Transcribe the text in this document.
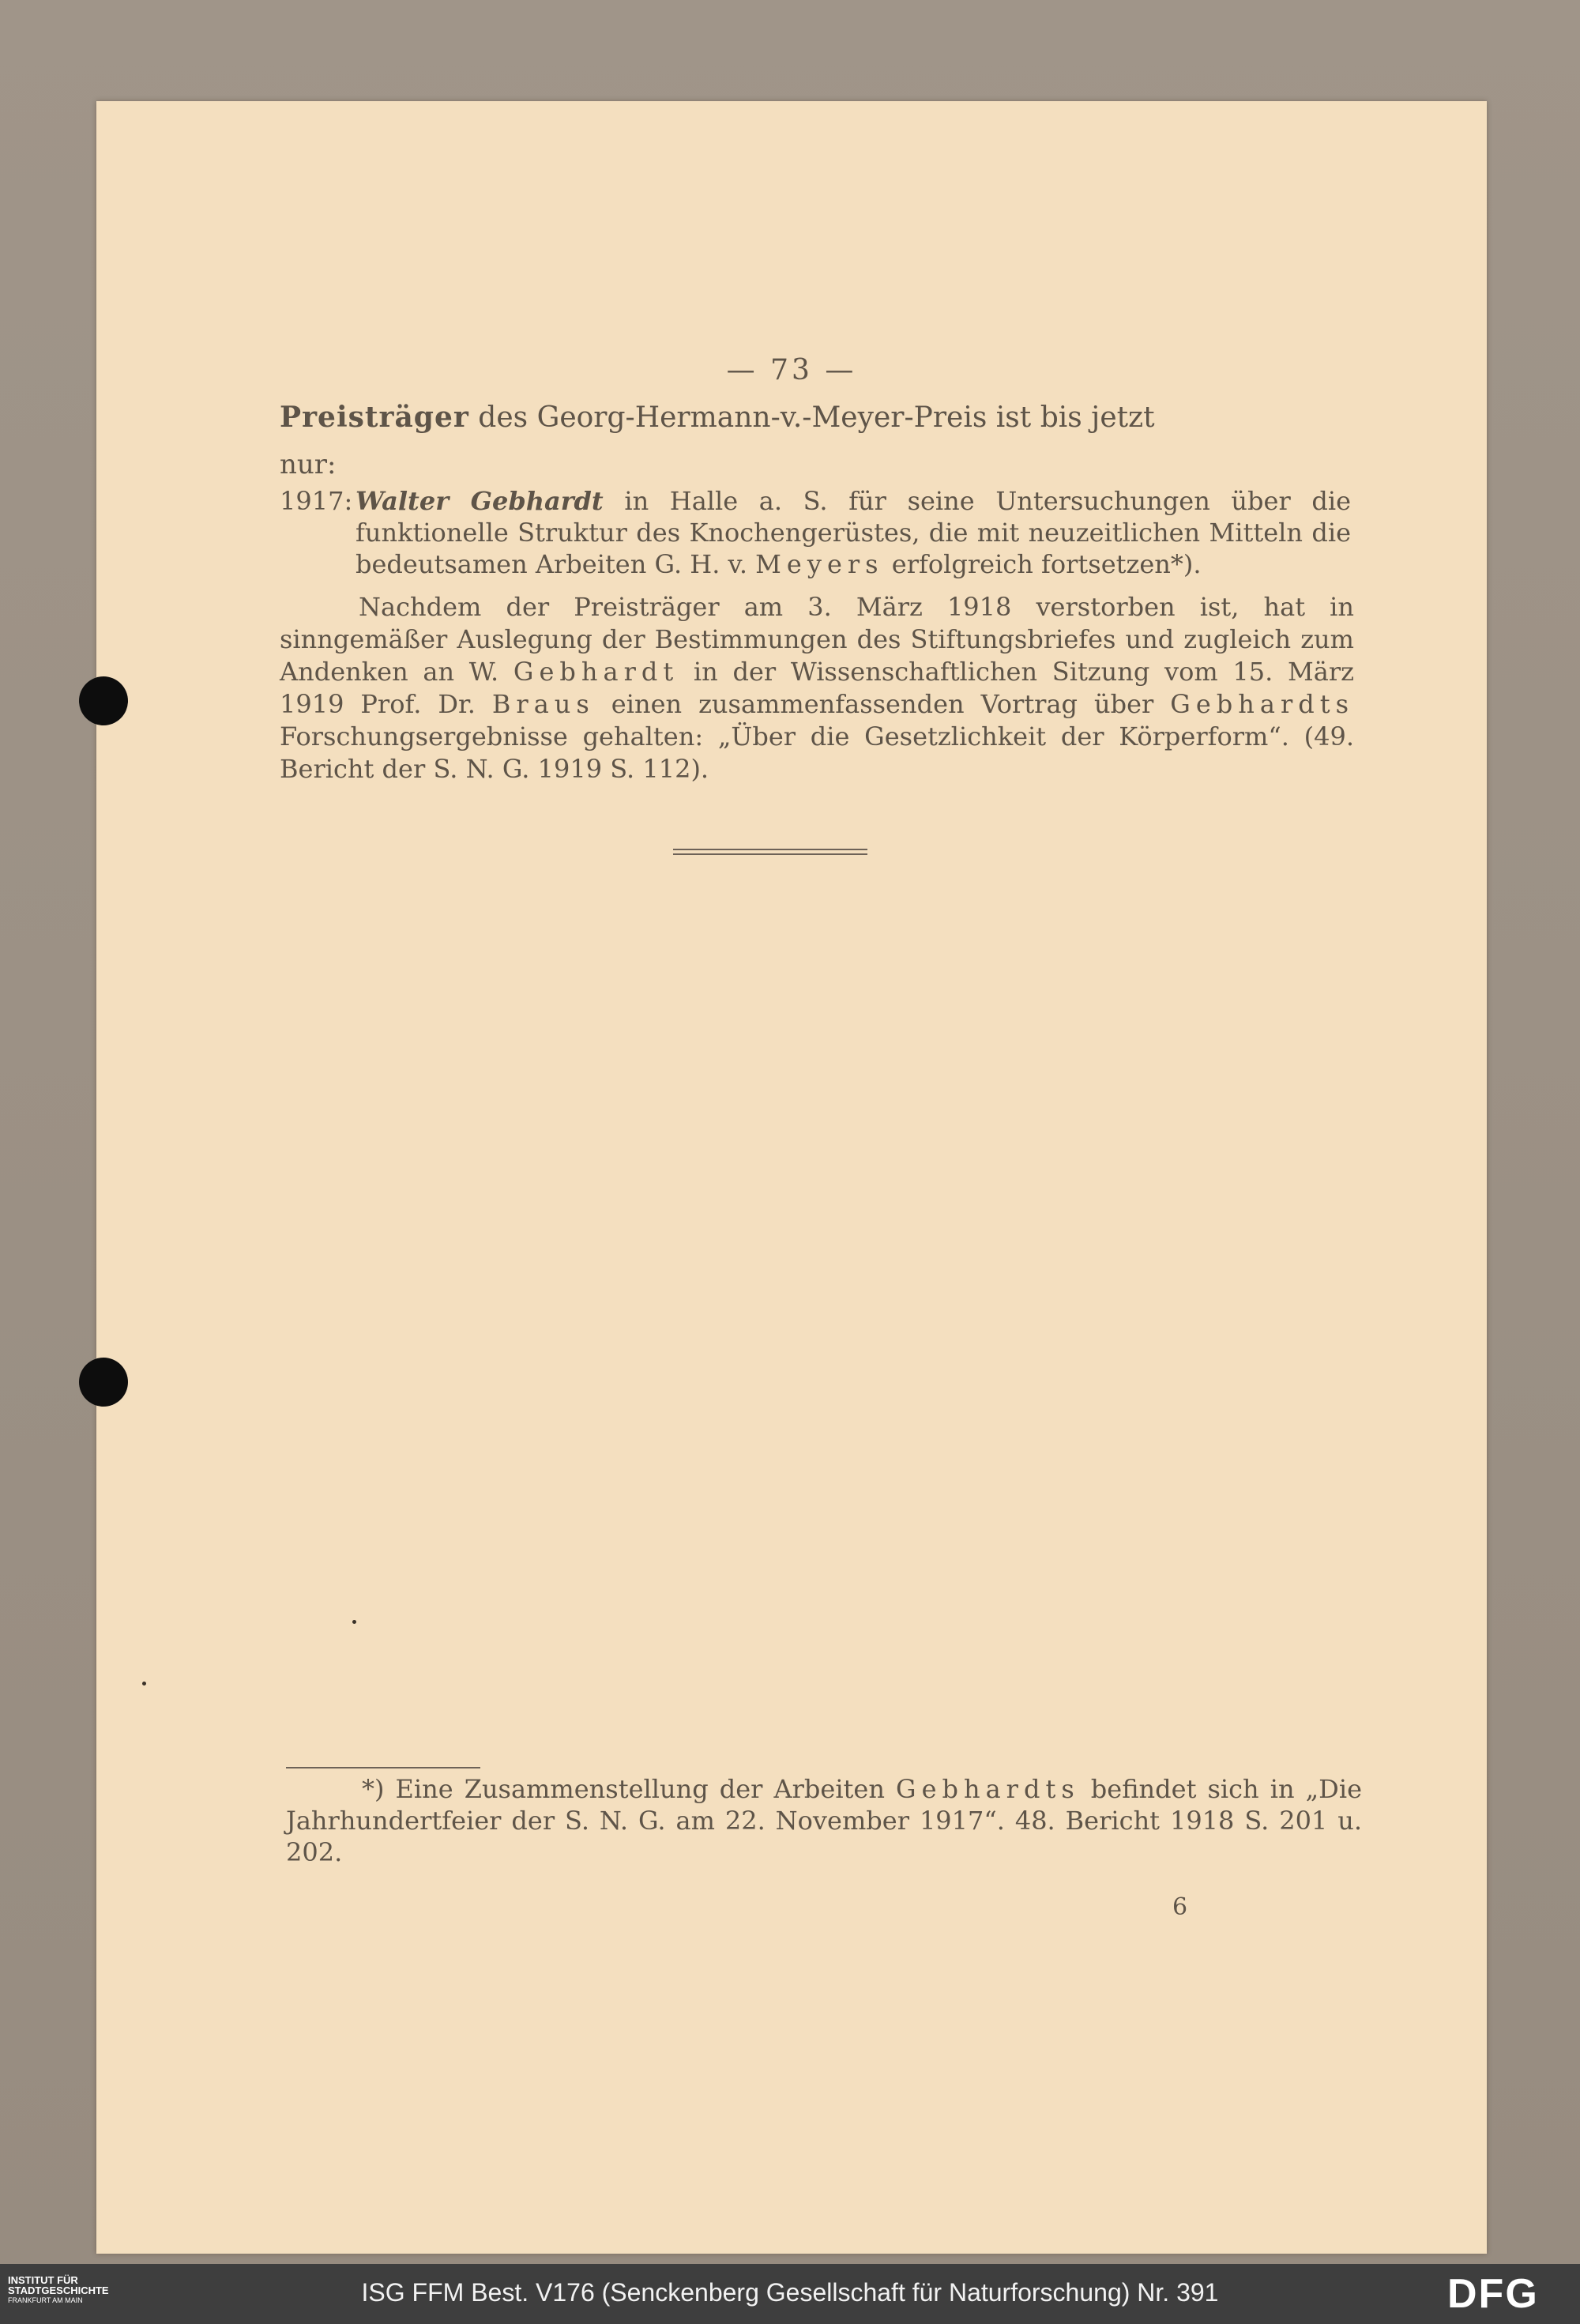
— 73 —
Preisträger des Georg-Hermann-v.-Meyer-Preis ist bis jetzt
nur:
1917: Walter Gebhardt in Halle a. S. für seine Untersuchungen über die funktionelle Struktur des Knochengerüstes, die mit neuzeitlichen Mitteln die bedeutsamen Arbeiten G. H. v. Meyers erfolgreich fortsetzen*).
Nachdem der Preisträger am 3. März 1918 verstorben ist, hat in sinngemäßer Auslegung der Bestimmungen des Stiftungsbriefes und zugleich zum Andenken an W. Gebhardt in der Wissenschaftlichen Sitzung vom 15. März 1919 Prof. Dr. Braus einen zusammenfassenden Vortrag über Gebhardts Forschungsergebnisse gehalten: „Über die Gesetzlichkeit der Körperform“. (49. Bericht der S. N. G. 1919 S. 112).
*) Eine Zusammenstellung der Arbeiten Gebhardts befindet sich in „Die Jahrhundertfeier der S. N. G. am 22. November 1917“. 48. Bericht 1918 S. 201 u. 202.
6
INSTITUT FÜR
STADTGESCHICHTE
FRANKFURT AM MAIN	ISG FFM Best. V176 (Senckenberg Gesellschaft für Naturforschung) Nr. 391	DFG
